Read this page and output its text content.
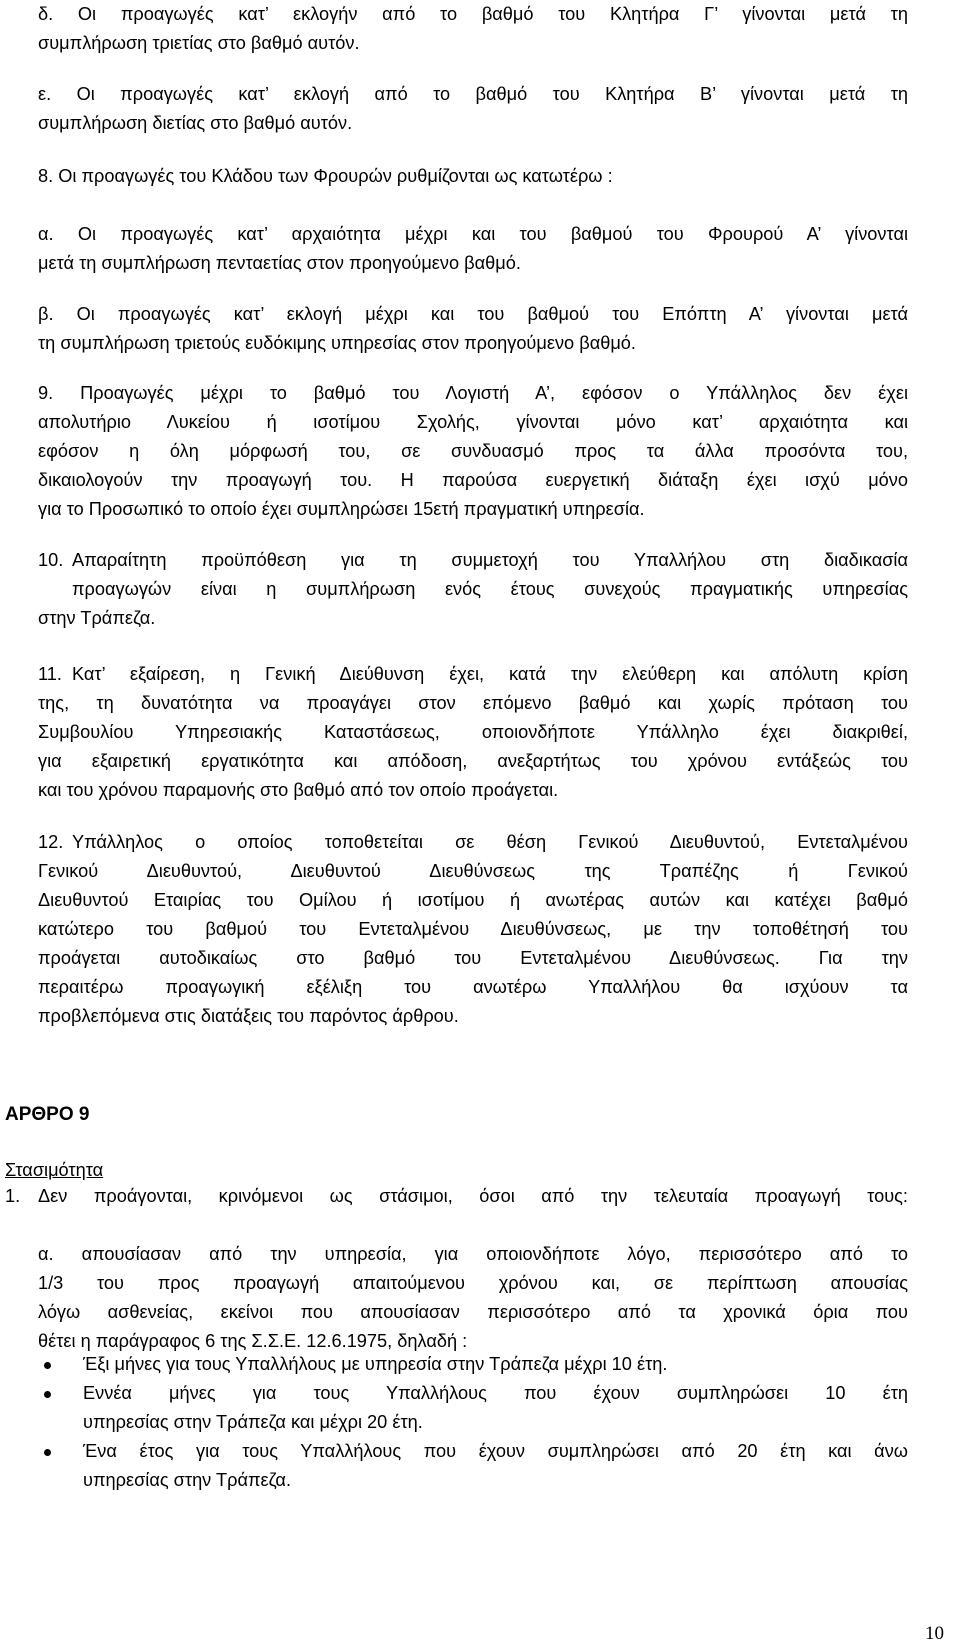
δ. Οι προαγωγές κατ’ εκλογήν από το βαθμό του Κλητήρα Γ’ γίνονται μετά τη
συμπλήρωση τριετίας στο βαθμό αυτόν.
ε. Οι προαγωγές κατ’ εκλογή από το βαθμό του Κλητήρα Β’ γίνονται μετά τη
συμπλήρωση διετίας στο βαθμό αυτόν.
8. Οι προαγωγές του Κλάδου των Φρουρών ρυθμίζονται ως κατωτέρω :
α. Οι προαγωγές κατ’ αρχαιότητα μέχρι και του βαθμού του Φρουρού Α’ γίνονται
μετά τη συμπλήρωση πενταετίας στον προηγούμενο βαθμό.
β. Οι προαγωγές κατ’ εκλογή μέχρι και του βαθμού του Επόπτη Α’ γίνονται μετά
τη συμπλήρωση τριετούς ευδόκιμης υπηρεσίας στον προηγούμενο βαθμό.
9. Προαγωγές μέχρι το βαθμό του Λογιστή Α’, εφόσον ο Υπάλληλος δεν έχει
απολυτήριο Λυκείου ή ισοτίμου Σχολής, γίνονται μόνο κατ’ αρχαιότητα και
εφόσον η όλη μόρφωσή του, σε συνδυασμό προς τα άλλα προσόντα του,
δικαιολογούν την προαγωγή του. Η παρούσα ευεργετική διάταξη έχει ισχύ μόνο
για το Προσωπικό το οποίο έχει συμπληρώσει 15ετή πραγματική υπηρεσία.
10. Απαραίτητη προϋπόθεση για τη συμμετοχή του Υπαλλήλου στη διαδικασία
προαγωγών είναι η συμπλήρωση ενός έτους συνεχούς πραγματικής υπηρεσίας
στην Τράπεζα.
11. Κατ’ εξαίρεση, η Γενική Διεύθυνση έχει, κατά την ελεύθερη και απόλυτη κρίση
της, τη δυνατότητα να προαγάγει στον επόμενο βαθμό και χωρίς πρόταση του
Συμβουλίου Υπηρεσιακής Καταστάσεως, οποιονδήποτε Υπάλληλο έχει διακριθεί,
για εξαιρετική εργατικότητα και απόδοση, ανεξαρτήτως του χρόνου εντάξεώς του
και του χρόνου παραμονής στο βαθμό από τον οποίο προάγεται.
12. Υπάλληλος ο οποίος τοποθετείται σε θέση Γενικού Διευθυντού, Εντεταλμένου
Γενικού Διευθυντού, Διευθυντού Διευθύνσεως της Τραπέζης ή Γενικού
Διευθυντού Εταιρίας του Ομίλου ή ισοτίμου ή ανωτέρας αυτών και κατέχει βαθμό
κατώτερο του βαθμού του Εντεταλμένου Διευθύνσεως, με την τοποθέτησή του
προάγεται αυτοδικαίως στο βαθμό του Εντεταλμένου Διευθύνσεως. Για την
περαιτέρω προαγωγική εξέλιξη του ανωτέρω Υπαλλήλου θα ισχύουν τα
προβλεπόμενα στις διατάξεις του παρόντος άρθρου.
ΑΡΘΡΟ 9
Στασιμότητα
1. Δεν προάγονται, κρινόμενοι ως στάσιμοι, όσοι από την τελευταία προαγωγή τους:
α. απουσίασαν από την υπηρεσία, για οποιονδήποτε λόγο, περισσότερο από το
1/3 του προς προαγωγή απαιτούμενου χρόνου και, σε περίπτωση απουσίας
λόγω ασθενείας, εκείνοι που απουσίασαν περισσότερο από τα χρονικά όρια που
θέτει η παράγραφος 6 της Σ.Σ.Ε. 12.6.1975, δηλαδή :
Έξι μήνες για τους Υπαλλήλους με υπηρεσία στην Τράπεζα μέχρι 10 έτη.
Εννέα μήνες για τους Υπαλλήλους που έχουν συμπληρώσει 10 έτη
υπηρεσίας στην Τράπεζα και μέχρι 20 έτη.
Ένα έτος για τους Υπαλλήλους που έχουν συμπληρώσει από 20 έτη και άνω
υπηρεσίας στην Τράπεζα.
10
